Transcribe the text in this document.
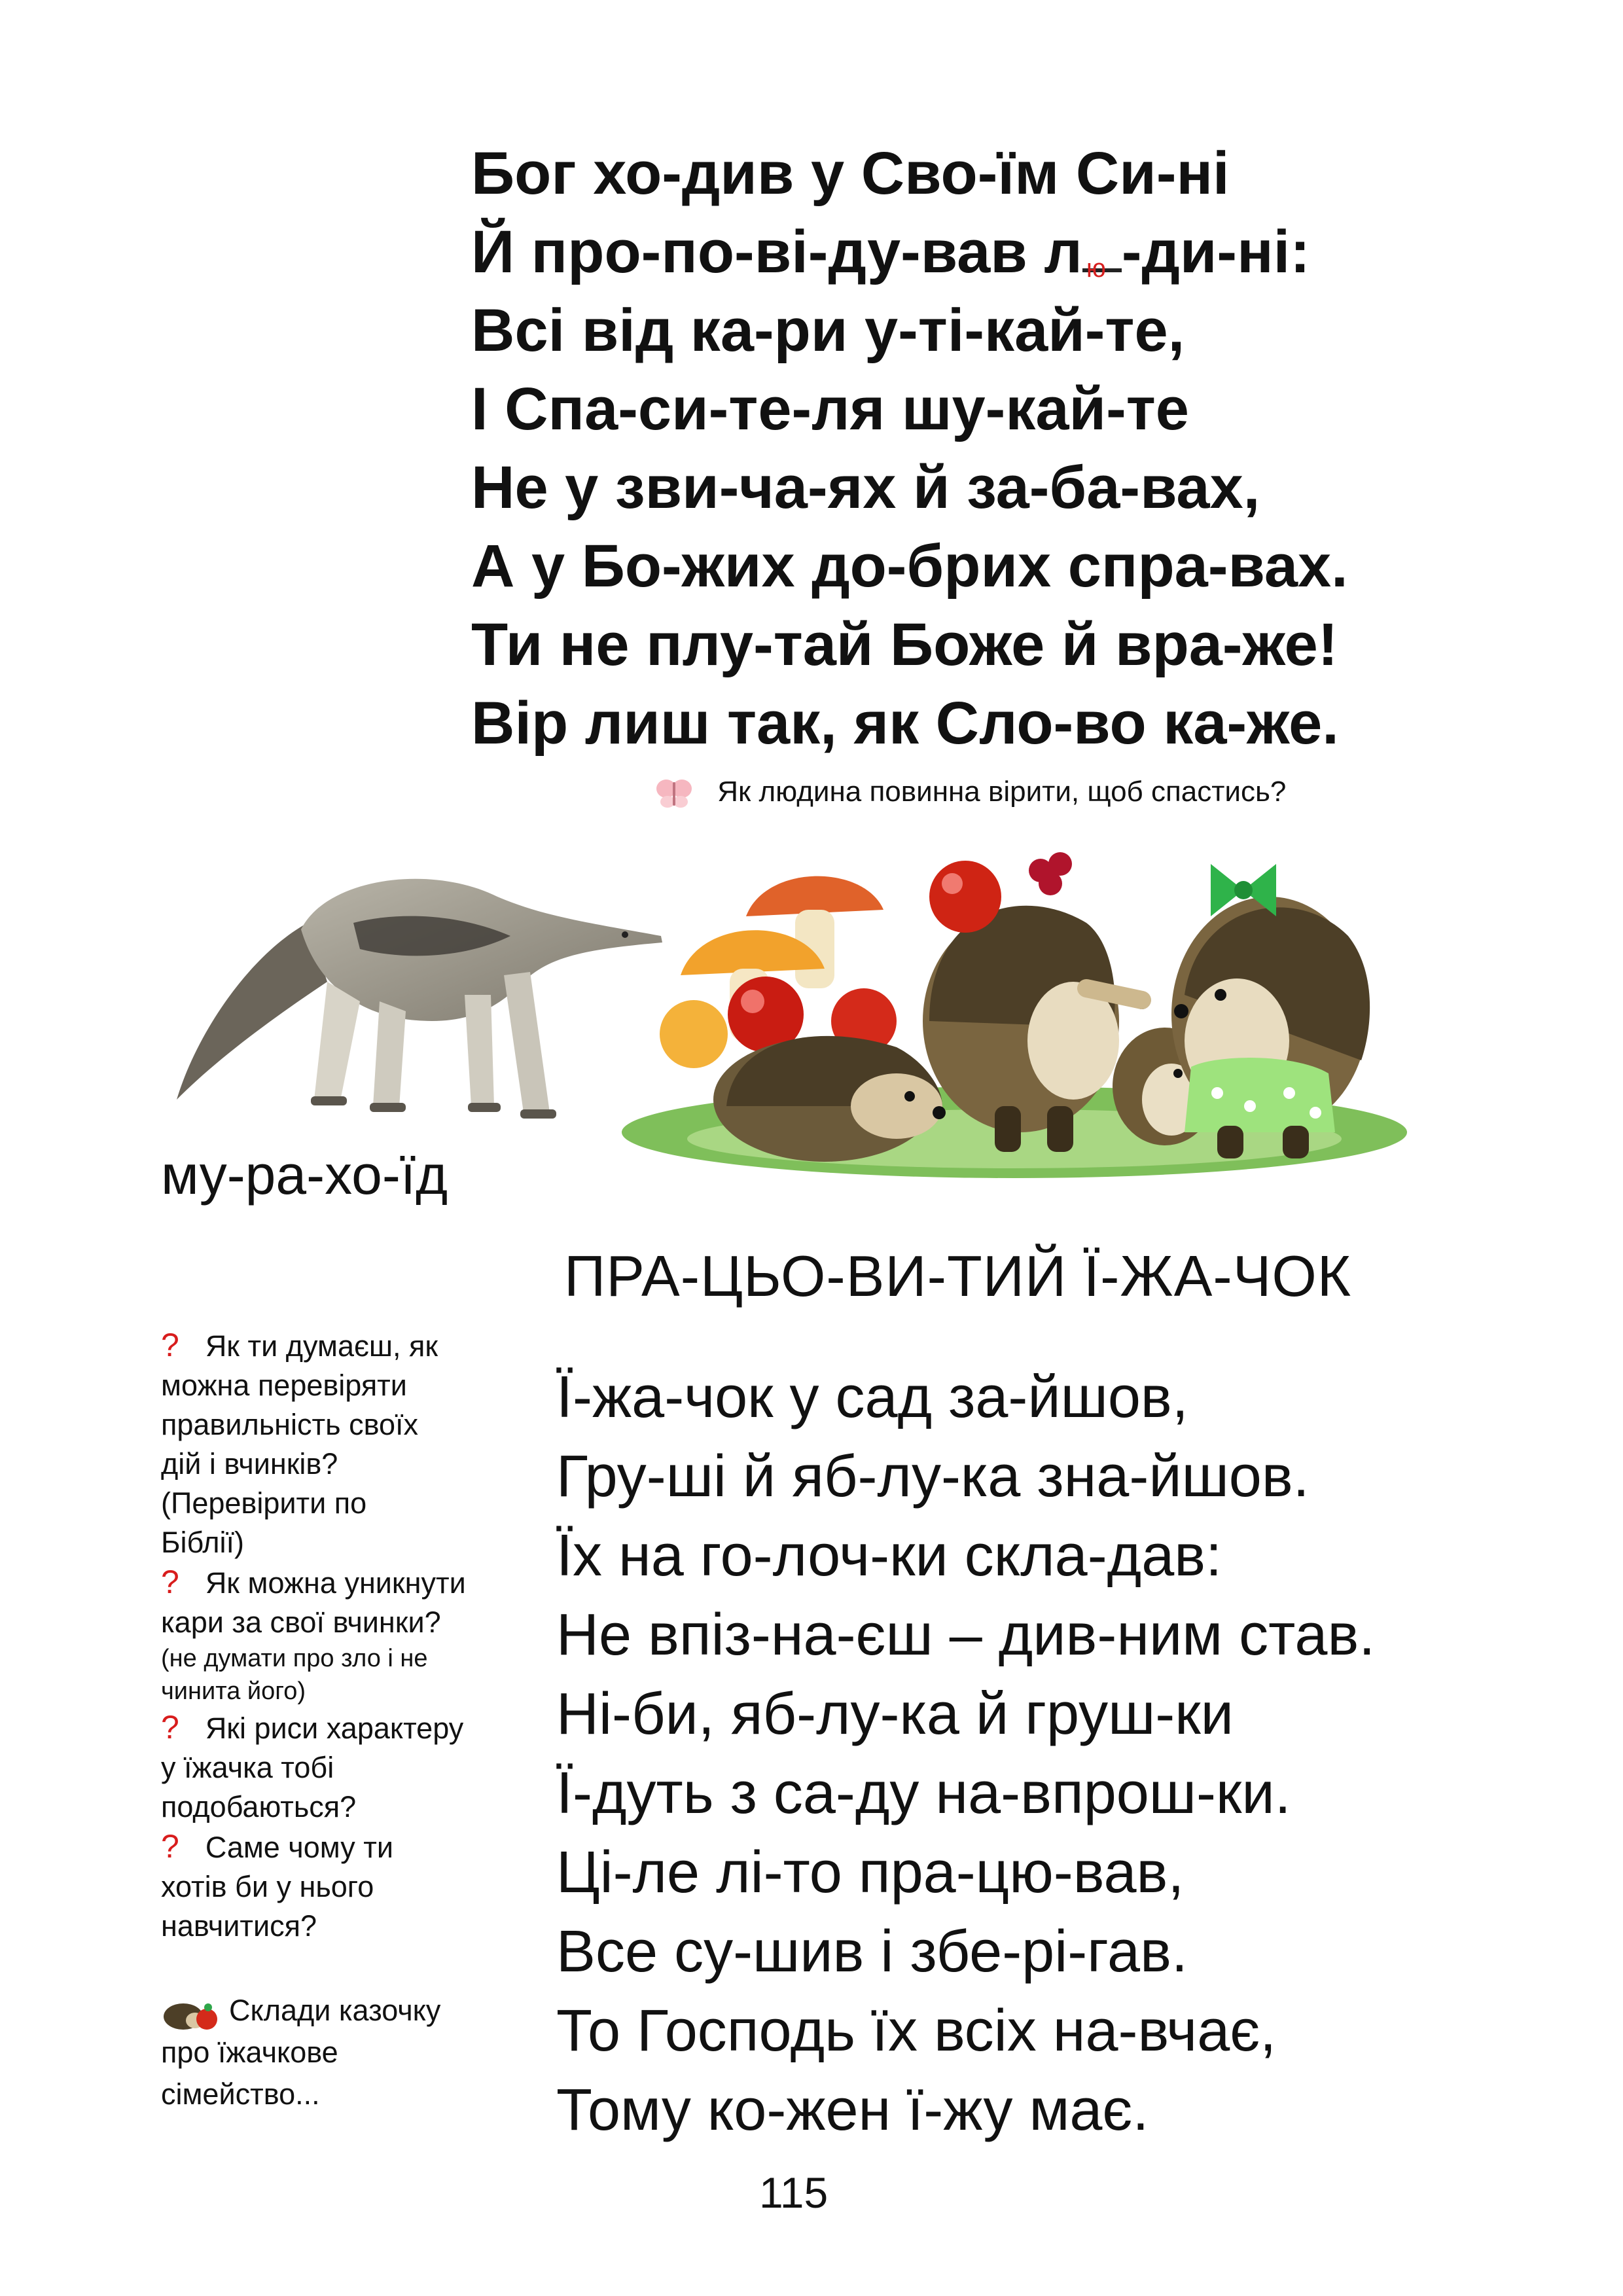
Бог хо-див у Сво-їм Си-ні
Й про-по-ві-ду-вав л ю -ди-ні:
Всі від ка-ри у-ті-кай-те,
І Спа-си-те-ля шу-кай-те
Не у зви-ча-ях й за-ба-вах,
А у Бо-жих до-брих спра-вах.
Ти не плу-тай Боже й вра-же!
Вір лиш так, як Сло-во ка-же.
Як людина повинна вірити, щоб спастись?
му-ра-хо-їд
ПРА-ЦЬО-ВИ-ТИЙ Ї-ЖА-ЧОК
Ї-жа-чок у сад за-йшов,
Гру-ші й яб-лу-ка зна-йшов.
Їх на го-лоч-ки скла-дав:
Не впіз-на-єш – див-ним став.
Ні-би, яб-лу-ка й груш-ки
Ї-дуть з са-ду на-впрош-ки.
Ці-ле лі-то пра-цю-вав,
Все су-шив і збе-рі-гав.
То Господь їх всіх на-вчає,
Тому ко-жен ї-жу має.
? Як ти думаєш, як
можна перевіряти
правильність своїх
дій і вчинків?
(Перевірити по
Біблії)
? Як можна уникнути
кари за свої вчинки?
(не думати про зло і не
чинита його)
? Які риси характеру
у їжачка тобі
подобаються?
? Саме чому ти
хотів би у нього
навчитися?
Склади казочку
про їжачкове
сімейство...
115
